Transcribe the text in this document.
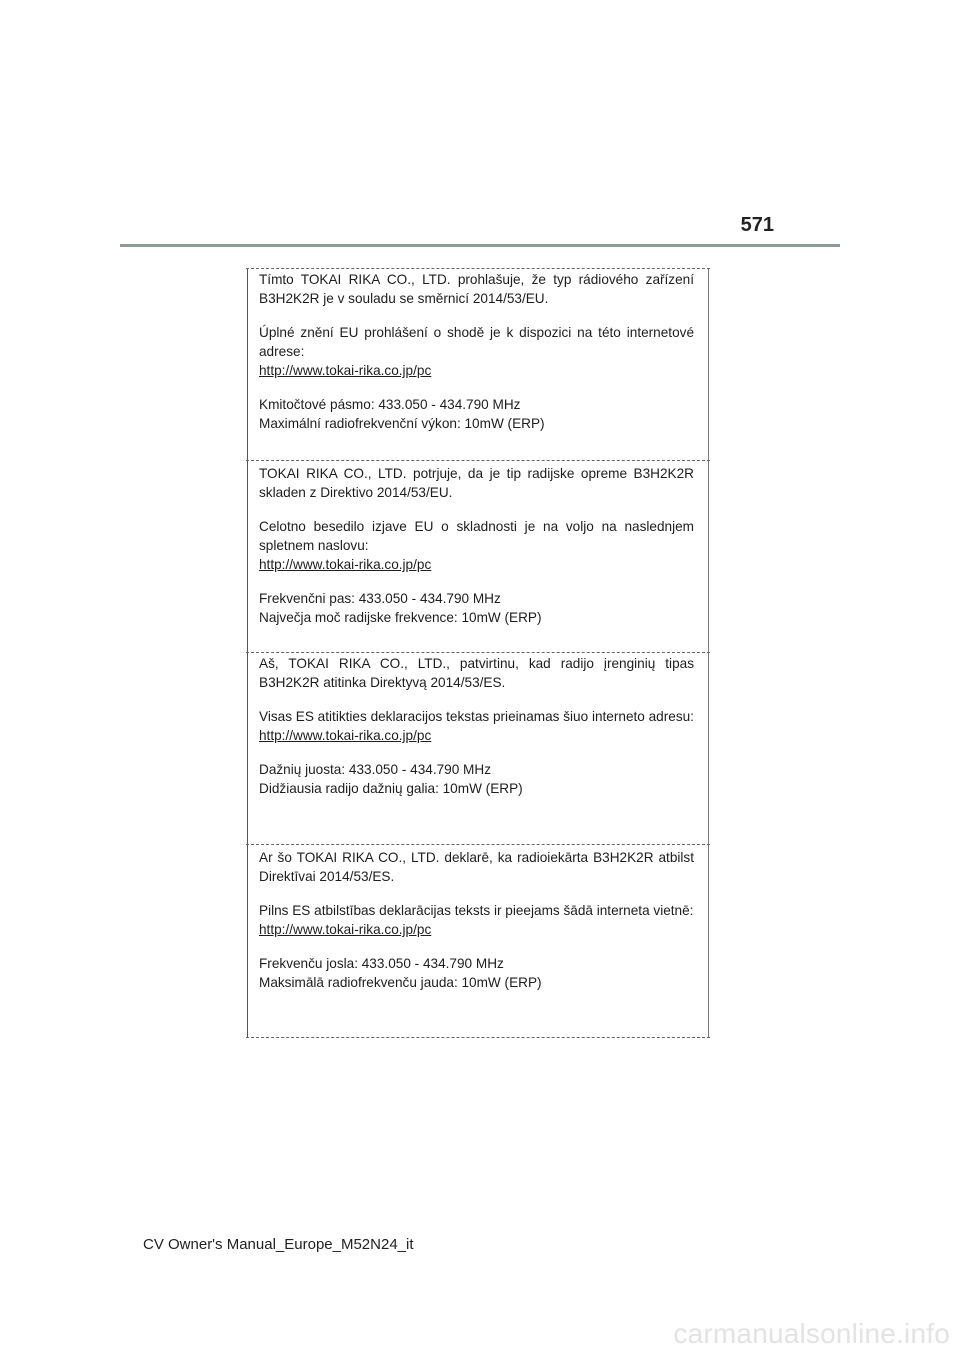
571

Tímto TOKAI RIKA CO., LTD. prohlašuje, že typ rádiového zařízení B3H2K2R je v souladu se směrnicí 2014/53/EU.

Úplné znění EU prohlášení o shodě je k dispozici na této internetové adrese:

http://www.tokai-rika.co.jp/pc

Kmitočtové pásmo: 433.050 - 434.790 MHz

Maximální radiofrekvenční výkon: 10mW (ERP)

TOKAI RIKA CO., LTD. potrjuje, da je tip radijske opreme B3H2K2R skladen z Direktivo 2014/53/EU.

Celotno besedilo izjave EU o skladnosti je na voljo na naslednjem spletnem naslovu:

http://www.tokai-rika.co.jp/pc

Frekvenčni pas: 433.050 - 434.790 MHz

Največja moč radijske frekvence: 10mW (ERP)

Aš, TOKAI RIKA CO., LTD., patvirtinu, kad radijo įrenginių tipas B3H2K2R atitinka Direktyvą 2014/53/ES.

Visas ES atitikties deklaracijos tekstas prieinamas šiuo interneto adresu:

http://www.tokai-rika.co.jp/pc

Dažnių juosta: 433.050 - 434.790 MHz

Didžiausia radijo dažnių galia: 10mW (ERP)

Ar šo TOKAI RIKA CO., LTD. deklarē, ka radioiekārta B3H2K2R atbilst Direktīvai 2014/53/ES.

Pilns ES atbilstības deklarācijas teksts ir pieejams šādā interneta vietnē:

http://www.tokai-rika.co.jp/pc

Frekvenču josla: 433.050 - 434.790 MHz

Maksimālā radiofrekvenču jauda: 10mW (ERP)

CV Owner's Manual_Europe_M52N24_it
carmanualsonline.info
